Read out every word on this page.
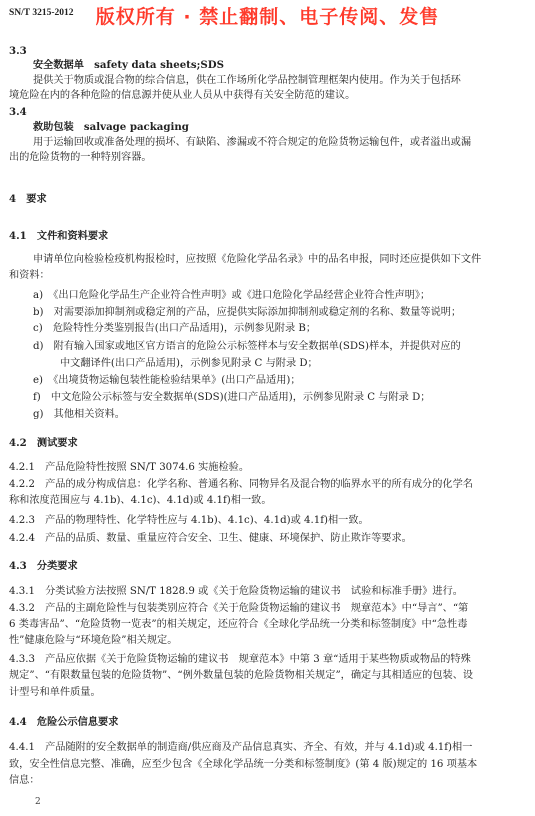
SN/T 3215-2012	版权所有 · 禁止翻制、电子传阅、发售
3.3
安全数据单　safety data sheets;SDS
提供关于物质或混合物的综合信息，供在工作场所化学品控制管理框架内使用。作为关于包括环
境危险在内的各种危险的信息源并使从业人员从中获得有关安全防范的建议。
3.4
救助包装　salvage packaging
用于运输回收或准备处理的损坏、有缺陷、渗漏或不符合规定的危险货物运输包件，或者溢出或漏
出的危险货物的一种特别容器。
4　要求
4.1　文件和资料要求
申请单位向检验检疫机构报检时，应按照《危险化学品名录》中的品名申报，同时还应提供如下文件
和资料：
a)　《出口危险化学品生产企业符合性声明》或《进口危险化学品经营企业符合性声明》；
b)　对需要添加抑制剂或稳定剂的产品，应提供实际添加抑制剂或稳定剂的名称、数量等说明；
c)　危险特性分类鉴别报告(出口产品适用)，示例参见附录 B；
d)　附有输入国家或地区官方语言的危险公示标签样本与安全数据单(SDS)样本，并提供对应的
中文翻译件(出口产品适用)，示例参见附录 C 与附录 D；
e)　《出境货物运输包装性能检验结果单》(出口产品适用)；
f)　中文危险公示标签与安全数据单(SDS)(进口产品适用)，示例参见附录 C 与附录 D；
g)　其他相关资料。
4.2　测试要求
4.2.1　产品危险特性按照 SN/T 3074.6 实施检验。
4.2.2　产品的成分构成信息：化学名称、普通名称、同物异名及混合物的临界水平的所有成分的化学名
称和浓度范围应与 4.1b)、4.1c)、4.1d)或 4.1f)相一致。
4.2.3　产品的物理特性、化学特性应与 4.1b)、4.1c)、4.1d)或 4.1f)相一致。
4.2.4　产品的品质、数量、重量应符合安全、卫生、健康、环境保护、防止欺诈等要求。
4.3　分类要求
4.3.1　分类试验方法按照 SN/T 1828.9 或《关于危险货物运输的建议书　试验和标准手册》进行。
4.3.2　产品的主副危险性与包装类别应符合《关于危险货物运输的建议书　规章范本》中“导言”、“第
6 类毒害品”、“危险货物一览表”的相关规定，还应符合《全球化学品统一分类和标签制度》中“急性毒
性”健康危险与“环境危险”相关规定。
4.3.3　产品应依据《关于危险货物运输的建议书　规章范本》中第 3 章“适用于某些物质或物品的特殊
规定”、“有限数量包装的危险货物”、“例外数量包装的危险货物相关规定”，确定与其相适应的包装、设
计型号和单件质量。
4.4　危险公示信息要求
4.4.1　产品随附的安全数据单的制造商/供应商及产品信息真实、齐全、有效，并与 4.1d)或 4.1f)相一
致，安全性信息完整、准确，应至少包含《全球化学品统一分类和标签制度》(第 4 版)规定的 16 项基本
信息：
2
